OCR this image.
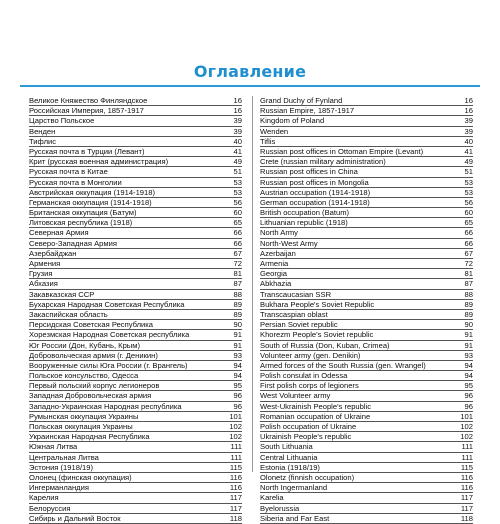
Оглавление
Великое Княжество Финляндское	16
Российская Империя, 1857-1917	16
Царство Польское	39
Венден	39
Тифлис	40
Русская почта в Турции (Левант)	41
Крит (русская военная администрация)	49
Русская почта в Китае	51
Русская почта в Монголии	53
Австрийская оккупация (1914-1918)	53
Германская оккупация (1914-1918)	56
Британская оккупация (Батум)	60
Литовская республика (1918)	65
Северная Армия	66
Северо-Западная Армия	66
Азербайджан	67
Армения	72
Грузия	81
Абхазия	87
Закавказская ССР	88
Бухарская Народная Советская Республика	89
Закаспийская область	89
Персидская Советская Республика	90
Хорезмская Народная Советская республика	91
Юг России (Дон, Кубань, Крым)	91
Добровольческая армия (г. Деникин)	93
Вооруженные силы Юга России (г. Врангель)	94
Польское консульство, Одесса	94
Первый польский корпус легионеров	95
Западная Добровольческая армия	96
Западно-Украинская Народная республика	96
Румынская оккупация Украины	101
Польская оккупация Украины	102
Украинская Народная Республика	102
Южная Литва	111
Центральная Литва	111
Эстония (1918/19)	115
Олонец (финская оккупация)	116
Ингерманландия	116
Карелия	117
Белоруссия	117
Сибирь и Дальний Восток	118
Grand Duchy of Fynland	16
Russian Empire, 1857-1917	16
Kingdom of Poland	39
Wenden	39
Tiflis	40
Russian post offices in Ottoman Empire (Levant)	41
Crete (russian military administration)	49
Russian post offices in China	51
Russian post offices in Mongolia	53
Austrian occupation (1914-1918)	53
German occupation (1914-1918)	56
British occupation (Batum)	60
Lithuanian republic (1918)	65
North Army	66
North-West Army	66
Azerbaijan	67
Armenia	72
Georgia	81
Abkhazia	87
Transcaucasian SSR	88
Bukhara People's Soviet Republic	89
Transcaspian oblast	89
Persian Soviet republic	90
Khorezm People's Soviet republic	91
South of Russia (Don, Kuban, Crimea)	91
Volunteer army (gen. Denikin)	93
Armed forces of the South Russia (gen. Wrangel)	94
Polish consulat in Odessa	94
First polish corps of legioners	95
West Volunteer army	96
West-Ukrainish People's republic	96
Romanian occupation of Ukraine	101
Polish occupation of Ukraine	102
Ukrainish People's republic	102
South Lithuania	111
Central Lithuania	111
Estonia (1918/19)	115
Olonetz (finnish occupation)	116
North Ingermanland	116
Karelia	117
Byelorussia	117
Siberia and Far East	118
